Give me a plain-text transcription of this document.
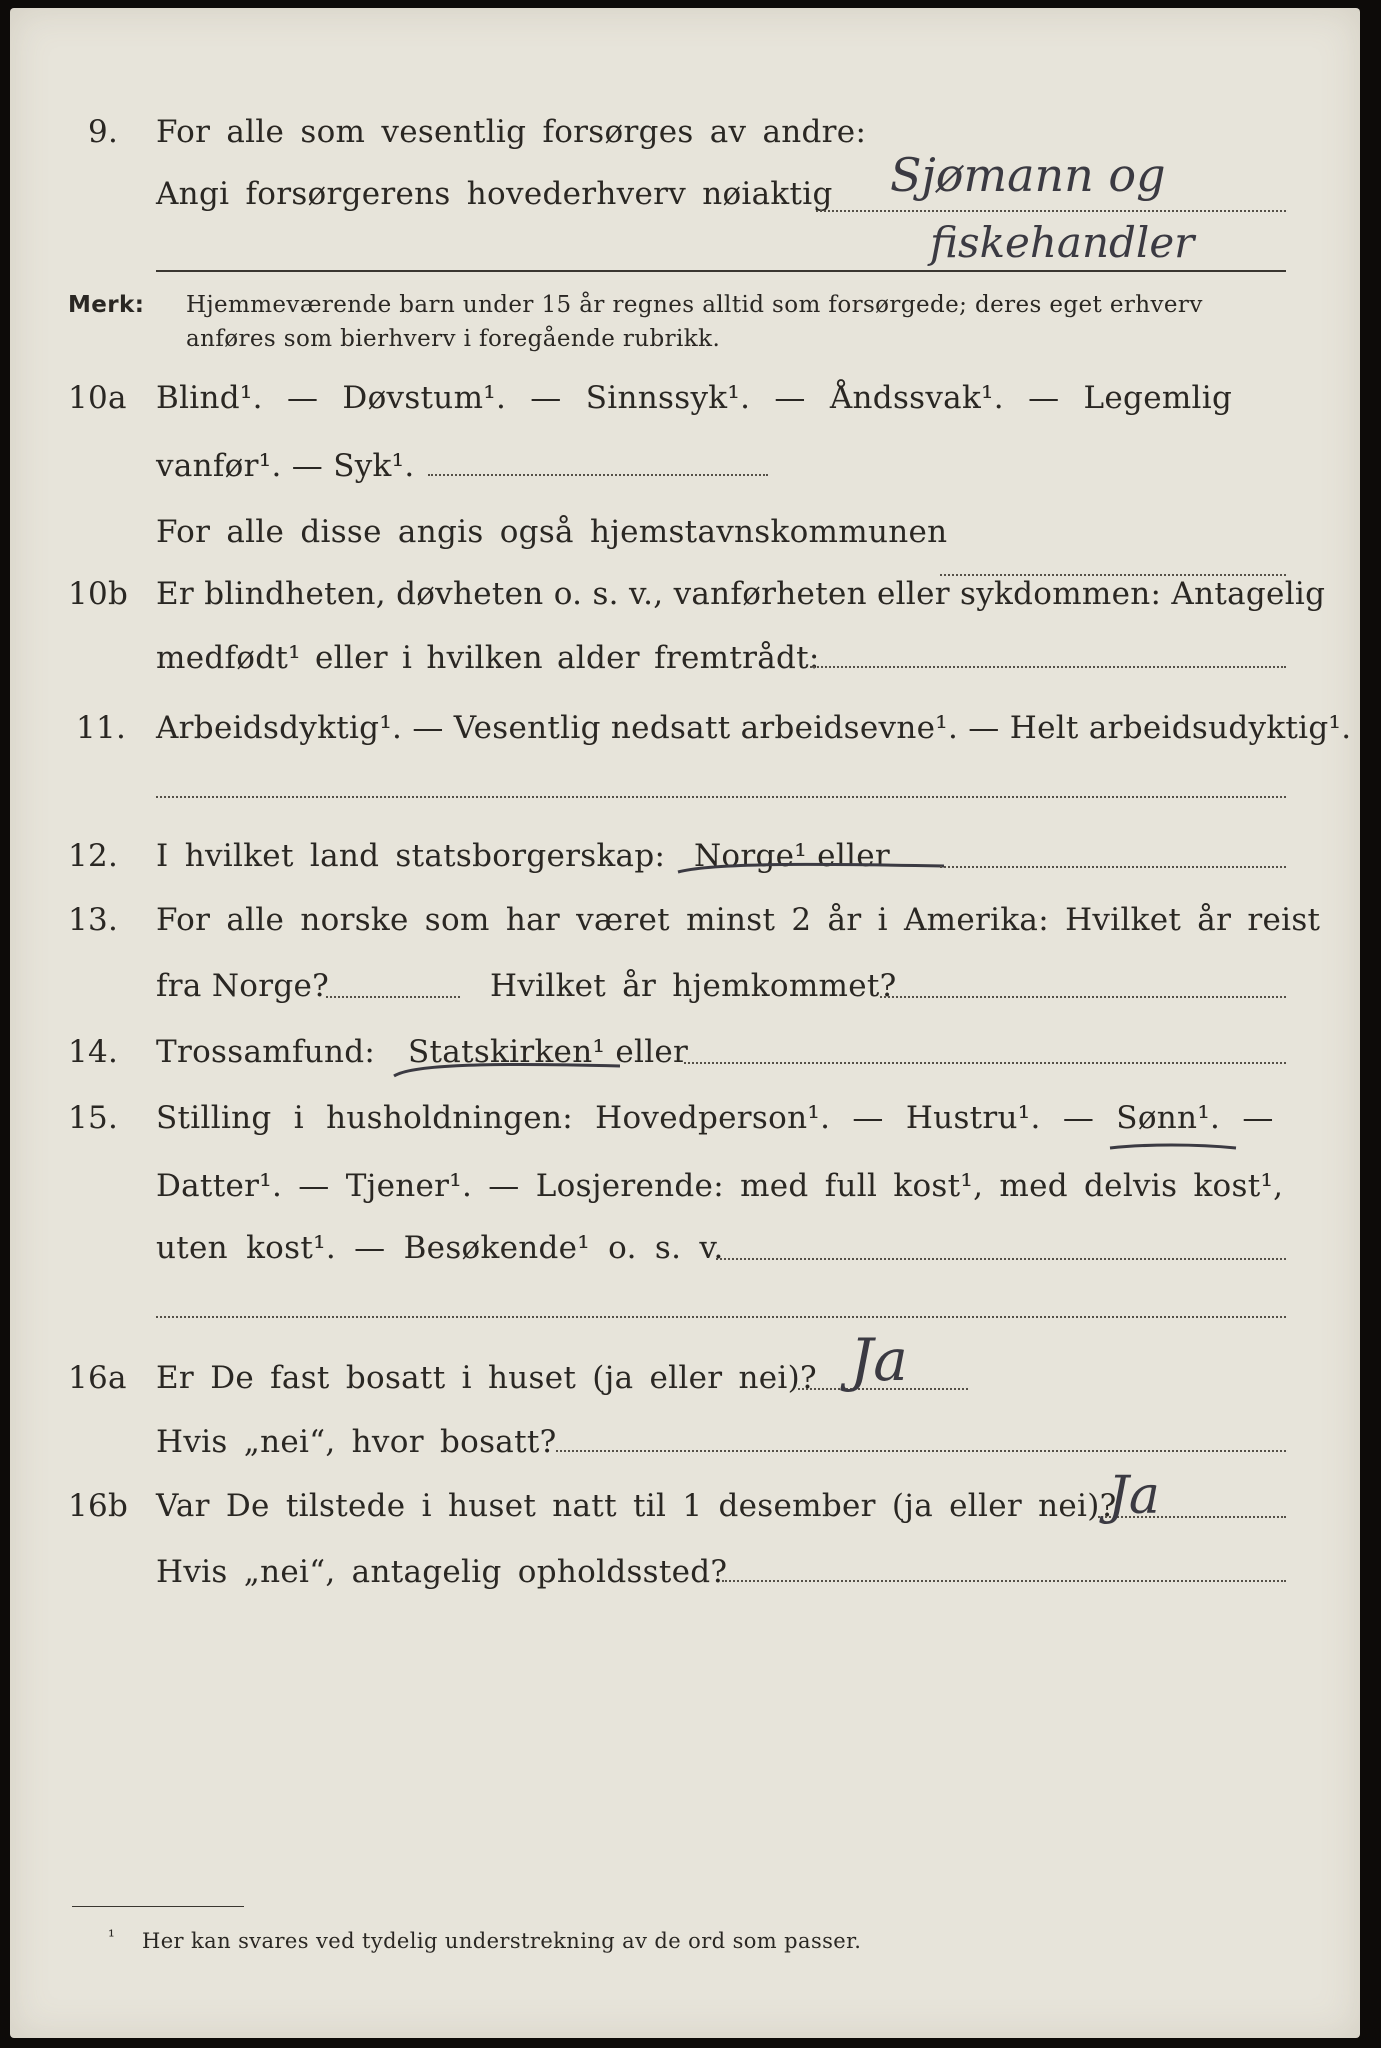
9. For alle som vesentlig forsørges av andre:
Angi forsørgerens hovederhverv nøiaktig Sjømann og
fiskehandler
Merk: Hjemmeværende barn under 15 år regnes alltid som forsørgede; deres eget erhverv
anføres som bierhverv i foregående rubrikk.
10a Blind¹. — Døvstum¹. — Sinnssyk¹. — Åndssvak¹. — Legemlig
vanfør¹. — Syk¹.
For alle disse angis også hjemstavnskommunen
10b Er blindheten, døvheten o. s. v., vanførheten eller sykdommen: Antagelig
medfødt¹ eller i hvilken alder fremtrådt:
11. Arbeidsdyktig¹. — Vesentlig nedsatt arbeidsevne¹. — Helt arbeidsudyktig¹.
12. I hvilket land statsborgerskap: Norge¹ eller
13. For alle norske som har været minst 2 år i Amerika: Hvilket år reist
fra Norge?	Hvilket år hjemkommet?
14. Trossamfund: Statskirken¹ eller
15. Stilling i husholdningen: Hovedperson¹. — Hustru¹. — Sønn¹. —
Datter¹. — Tjener¹. — Losjerende: med full kost¹, med delvis kost¹,
uten kost¹. — Besøkende¹ o. s. v.
16a Er De fast bosatt i huset (ja eller nei)? Ja
Hvis „nei“, hvor bosatt?
16b Var De tilstede i huset natt til 1 desember (ja eller nei)?
Ja
Hvis „nei“, antagelig opholdssted?
¹ Her kan svares ved tydelig understrekning av de ord som passer.
